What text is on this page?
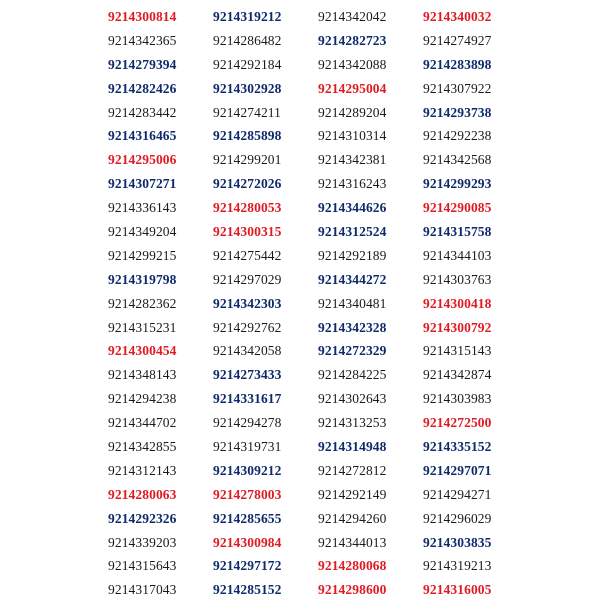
9214300814
9214342365
9214279394
9214282426
9214283442
9214316465
9214295006
9214307271
9214336143
9214349204
9214299215
9214319798
9214282362
9214315231
9214300454
9214348143
9214294238
9214344702
9214342855
9214312143
9214280063
9214292326
9214339203
9214315643
9214317043
9214319212
9214286482
9214292184
9214302928
9214274211
9214285898
9214299201
9214272026
9214280053
9214300315
9214275442
9214297029
9214342303
9214292762
9214342058
9214273433
9214331617
9214294278
9214319731
9214309212
9214278003
9214285655
9214300984
9214297172
9214285152
9214342042
9214282723
9214342088
9214295004
9214289204
9214310314
9214342381
9214316243
9214344626
9214312524
9214292189
9214344272
9214340481
9214342328
9214272329
9214284225
9214302643
9214313253
9214314948
9214272812
9214292149
9214294260
9214344013
9214280068
9214298600
9214340032
9214274927
9214283898
9214307922
9214293738
9214292238
9214342568
9214299293
9214290085
9214315758
9214344103
9214303763
9214300418
9214300792
9214315143
9214342874
9214303983
9214272500
9214335152
9214297071
9214294271
9214296029
9214303835
9214319213
9214316005
